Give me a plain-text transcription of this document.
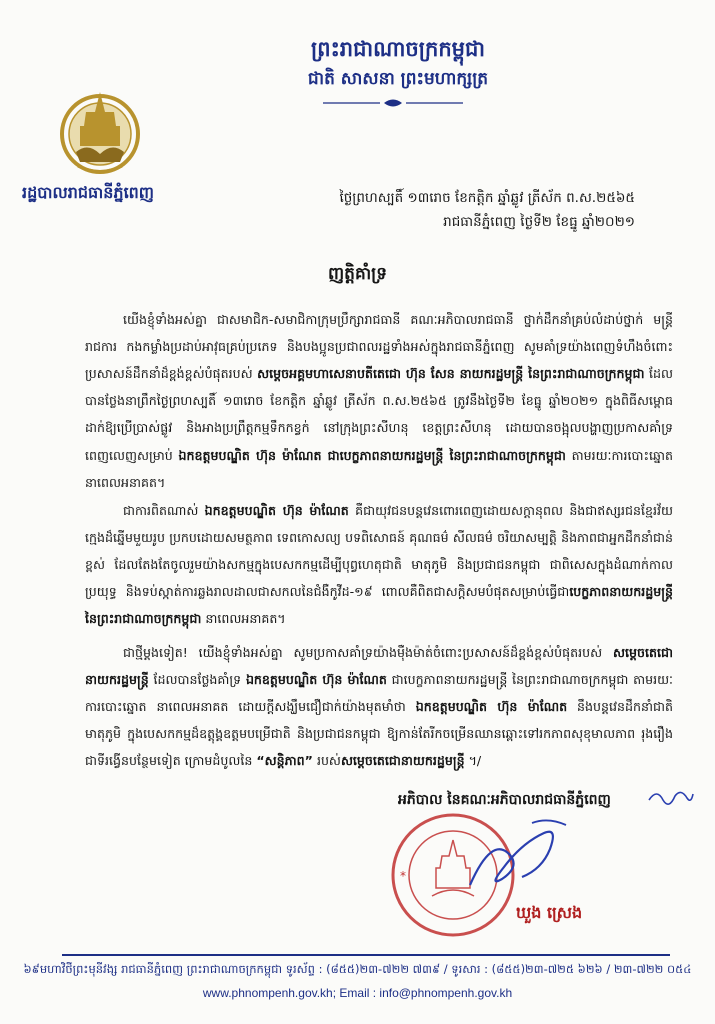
ព្រះរាជាណាចក្រកម្ពុជា
ជាតិ សាសនា ព្រះមហាក្សត្រ
រដ្ឋបាលរាជធានីភ្នំពេញ	ថ្ងៃព្រហស្បតិ៍ ១៣រោច ខែកត្ដិក ឆ្នាំឆ្លូវ ត្រីស័ក ព.ស.២៥៦៥
រាជធានីភ្នំពេញ ថ្ងៃទី២ ខែធ្នូ ឆ្នាំ២០២១
ញត្តិគាំទ្រ

យើងខ្ញុំទាំងអស់គ្នា ជាសមាជិក-សមាជិកាក្រុមប្រឹក្សារាជធានី គណៈអភិបាលរាជធានី ថ្នាក់ដឹកនាំគ្រប់លំដាប់ថ្នាក់ មន្ដ្រីរាជការ កងកម្លាំងប្រដាប់អាវុធគ្រប់ប្រភេទ និងបងប្អូនប្រជាពលរដ្ឋទាំងអស់ក្នុងរាជធានីភ្នំពេញ សូមគាំទ្រយ៉ាងពេញទំហឹងចំពោះប្រសាសន៍ដឹកនាំដ៏ខ្ពង់ខ្ពស់បំផុតរបស់ សម្ដេចអគ្គមហាសេនាបតីតេជោ ហ៊ុន សែន នាយករដ្ឋមន្ដ្រី នៃព្រះរាជាណាចក្រកម្ពុជា ដែលបានថ្លែងនាព្រឹកថ្ងៃព្រហស្បតិ៍ ១៣រោច ខែកត្ដិក ឆ្នាំឆ្លូវ ត្រីស័ក ព.ស.២៥៦៥ ត្រូវនឹងថ្ងៃទី២ ខែធ្នូ ឆ្នាំ២០២១ ក្នុងពិធីសម្ពោធដាក់ឱ្យប្រើប្រាស់ផ្លូវ និងអាងប្រព្រឹត្ដកម្មទឹកកខ្វក់ នៅក្រុងព្រះសីហនុ ខេត្ដព្រះសីហនុ ដោយបានចង្អុលបង្ហាញប្រកាសគាំទ្រពេញលេញសម្រាប់ ឯកឧត្ដមបណ្ឌិត ហ៊ុន ម៉ាណែត ជាបេក្ខភាពនាយករដ្ឋមន្ដ្រី នៃព្រះរាជាណាចក្រកម្ពុជា តាមរយៈការបោះឆ្នោត នាពេលអនាគត។

ជាការពិតណាស់ ឯកឧត្ដមបណ្ឌិត ហ៊ុន ម៉ាណែត គឺជាយុវជនបន្ដវេនពោរពេញដោយសក្ដានុពល និងជាឥស្សរជនខ្មែរវ័យក្មេងដ៏ឆ្នើមមួយរូប ប្រកបដោយសមត្ថភាព ទេពកោសល្យ បទពិសោធន៍ គុណធម៌ សីលធម៌ ចរិយាសម្បត្ដិ និងភាពជាអ្នកដឹកនាំជាន់ខ្ពស់ ដែលតែងតែចូលរួមយ៉ាងសកម្មក្នុងបេសកកម្មដើម្បីបុព្វហេតុជាតិ មាតុភូមិ និងប្រជាជនកម្ពុជា ជាពិសេសក្នុងដំណាក់កាលប្រយុទ្ធ និងទប់ស្កាត់ការឆ្លងរាលដាលជាសកលនៃជំងឺកូវីដ-១៩ ពោលគឺពិតជាសក្ដិសមបំផុតសម្រាប់ធ្វើជាបេក្ខភាពនាយករដ្ឋមន្ដ្រី នៃព្រះរាជាណាចក្រកម្ពុជា នាពេលអនាគត។

ជាថ្មីម្ដងទៀត! យើងខ្ញុំទាំងអស់គ្នា សូមប្រកាសគាំទ្រយ៉ាងមុឺងម៉ាត់ចំពោះប្រសាសន៍ដ៏ខ្ពង់ខ្ពស់បំផុតរបស់ សម្ដេចតេជោនាយករដ្ឋមន្ដ្រី ដែលបានថ្លែងគាំទ្រ ឯកឧត្ដមបណ្ឌិត ហ៊ុន ម៉ាណែត ជាបេក្ខភាពនាយករដ្ឋមន្ដ្រី នៃព្រះរាជាណាចក្រកម្ពុជា តាមរយៈការបោះឆ្នោត នាពេលអនាគត ដោយក្ដីសង្ឃឹមជឿជាក់យ៉ាងមុតមាំថា ឯកឧត្ដមបណ្ឌិត ហ៊ុន ម៉ាណែត នឹងបន្ដវេនដឹកនាំជាតិមាតុភូមិ ក្នុងបេសកកម្មដ៏ឧត្ដុង្គឧត្ដមបម្រើជាតិ និងប្រជាជនកម្ពុជា ឱ្យកាន់តែរីកចម្រើនឈានឆ្ពោះទៅរកភាពសុខុមាលភាព រុងរឿងជាទីរង្វើនបន្ថែមទៀត ក្រោមដំបូលនៃ “សន្ដិភាព” របស់សម្ដេចតេជោនាយករដ្ឋមន្ដ្រី ។/

អភិបាល នៃគណៈអភិបាលរាជធានីភ្នំពេញ
*
ឃួង ស្រេង
៦៩មហាវិថីព្រះមុនីវង្ស រាជធានីភ្នំពេញ ព្រះរាជាណាចក្រកម្ពុជា ទូរស័ព្ទ : (៨៥៥)២៣-៧២២ ៧៣៩ / ទូរសារ : (៨៥៥)២៣-៧២៥ ៦២៦ / ២៣-៧២២ ០៥៤
www.phnompenh.gov.kh; Email : info@phnompenh.gov.kh
